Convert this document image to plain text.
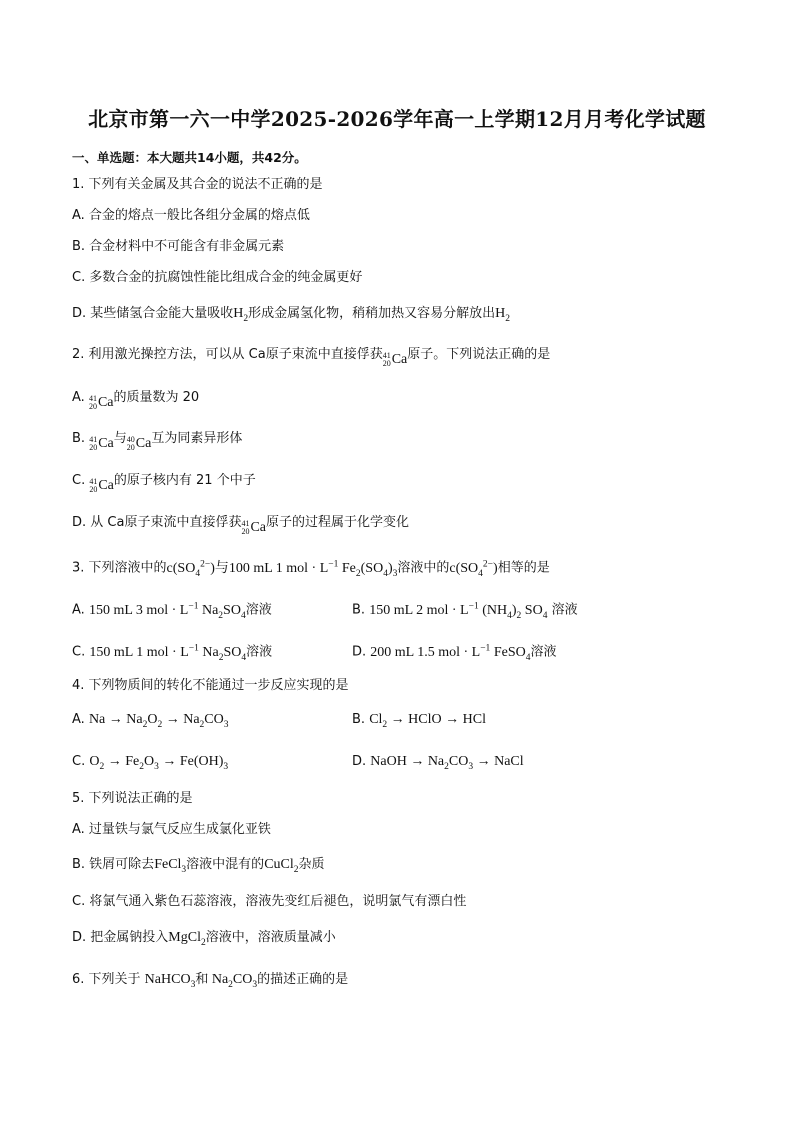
北京市第一六一中学2025-2026学年高一上学期12月月考化学试题
一、单选题：本大题共14小题，共42分。
1. 下列有关金属及其合金的说法不正确的是
A. 合金的熔点一般比各组分金属的熔点低
B. 合金材料中不可能含有非金属元素
C. 多数合金的抗腐蚀性能比组成合金的纯金属更好
D. 某些储氢合金能大量吸收$H_2$形成金属氢化物，稍稍加热又容易分解放出$H_2$
2. 利用激光操控方法，可以从 Ca原子束流中直接俘获 41
20 Ca 原子。下列说法正确的是
A. 41
20 Ca 的质量数为 20
B. 41
20 Ca 与 40
20 Ca 互为同素异形体
C. 41
20 Ca 的原子核内有 21 个中子
D. 从 Ca原子束流中直接俘获 41
20 Ca 原子的过程属于化学变化
3. 下列溶液中的$c(SO_4^{2-})$与100 mL 1 mol · $L^{-1}$ $Fe_2(SO_4)_3$溶液中的$c(SO_4^{2-})$相等的是
A. 150 mL 3 mol · $L^{-1}$ $Na_2SO_4$溶液	B. 150 mL 2 mol · $L^{-1}$ $(NH_4)_2$ $SO_4$ 溶液
C. 150 mL 1 mol · $L^{-1}$ $Na_2SO_4$溶液	D. 200 mL 1.5 mol · $L^{-1}$ FeSO$_4$溶液
4. 下列物质间的转化不能通过一步反应实现的是
A. $Na \to Na_2O_2 \to Na_2CO_3$	B. $Cl_2$ → HClO → HCl
C. $O_2 \to Fe_2O_3 \to Fe(OH)_3$	D. NaOH → $Na_2CO_3$ → NaCl
5. 下列说法正确的是
A. 过量铁与氯气反应生成氯化亚铁
B. 铁屑可除去FeCl$_3$溶液中混有的CuCl$_2$杂质
C. 将氯气通入紫色石蕊溶液，溶液先变红后褪色，说明氯气有漂白性
D. 把金属钠投入MgCl$_2$溶液中，溶液质量减小
6. 下列关于 NaHCO$_3$和 $Na_2CO_3$的描述正确的是
